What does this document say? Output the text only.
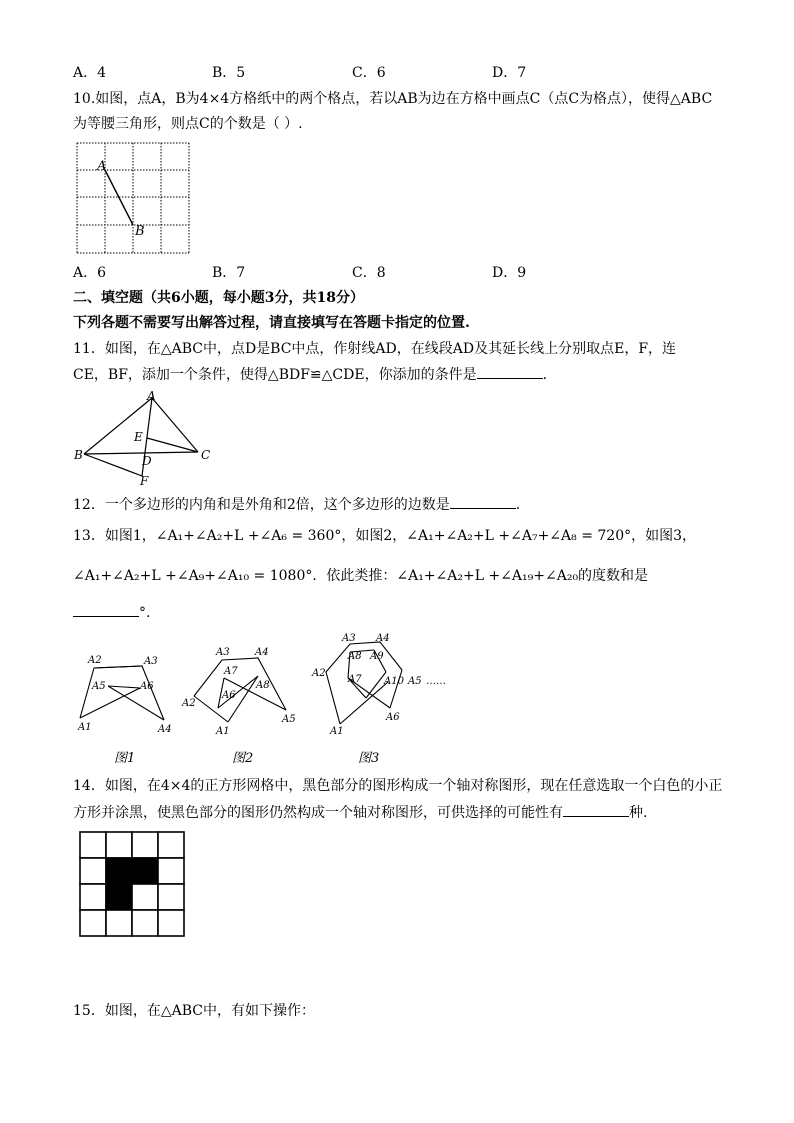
A．4	B．5	C．6	D．7
10.如图，点A，B为4×4方格纸中的两个格点，若以AB为边在方格中画点C（点C为格点），使得△ABC
为等腰三角形，则点C的个数是（ ）.
A
B
A．6	B．7	C．8	D．9
二、填空题（共6小题，每小题3分，共18分）
下列各题不需要写出解答过程，请直接填写在答题卡指定的位置.
11．如图，在△ABC中，点D是BC中点，作射线AD，在线段AD及其延长线上分别取点E，F，连
CE，BF，添加一个条件，使得△BDF≌△CDE，你添加的条件是	.
A
B	C
D
E
F
12．一个多边形的内角和是外角和2倍，这个多边形的边数是	.
13．如图1，∠A₁+∠A₂+L +∠A₆ = 360°，如图2，∠A₁+∠A₂+L +∠A₇+∠A₈ = 720°，如图3，
∠A₁+∠A₂+L +∠A₉+∠A₁₀ = 1080°．依此类推：∠A₁+∠A₂+L +∠A₁₉+∠A₂₀的度数和是
°.
A1
A2	A3
A4
A5	A6
A1
A2
A3	A4
A5
A6
A7
A8
A1
A2
A3 A4
A5
A6
A7
A8 A9
A10 ……
图1	图2	图3
14．如图，在4×4的正方形网格中，黑色部分的图形构成一个轴对称图形，现在任意选取一个白色的小正
方形并涂黑，使黑色部分的图形仍然构成一个轴对称图形，可供选择的可能性有	种.
15．如图，在△ABC中，有如下操作：
